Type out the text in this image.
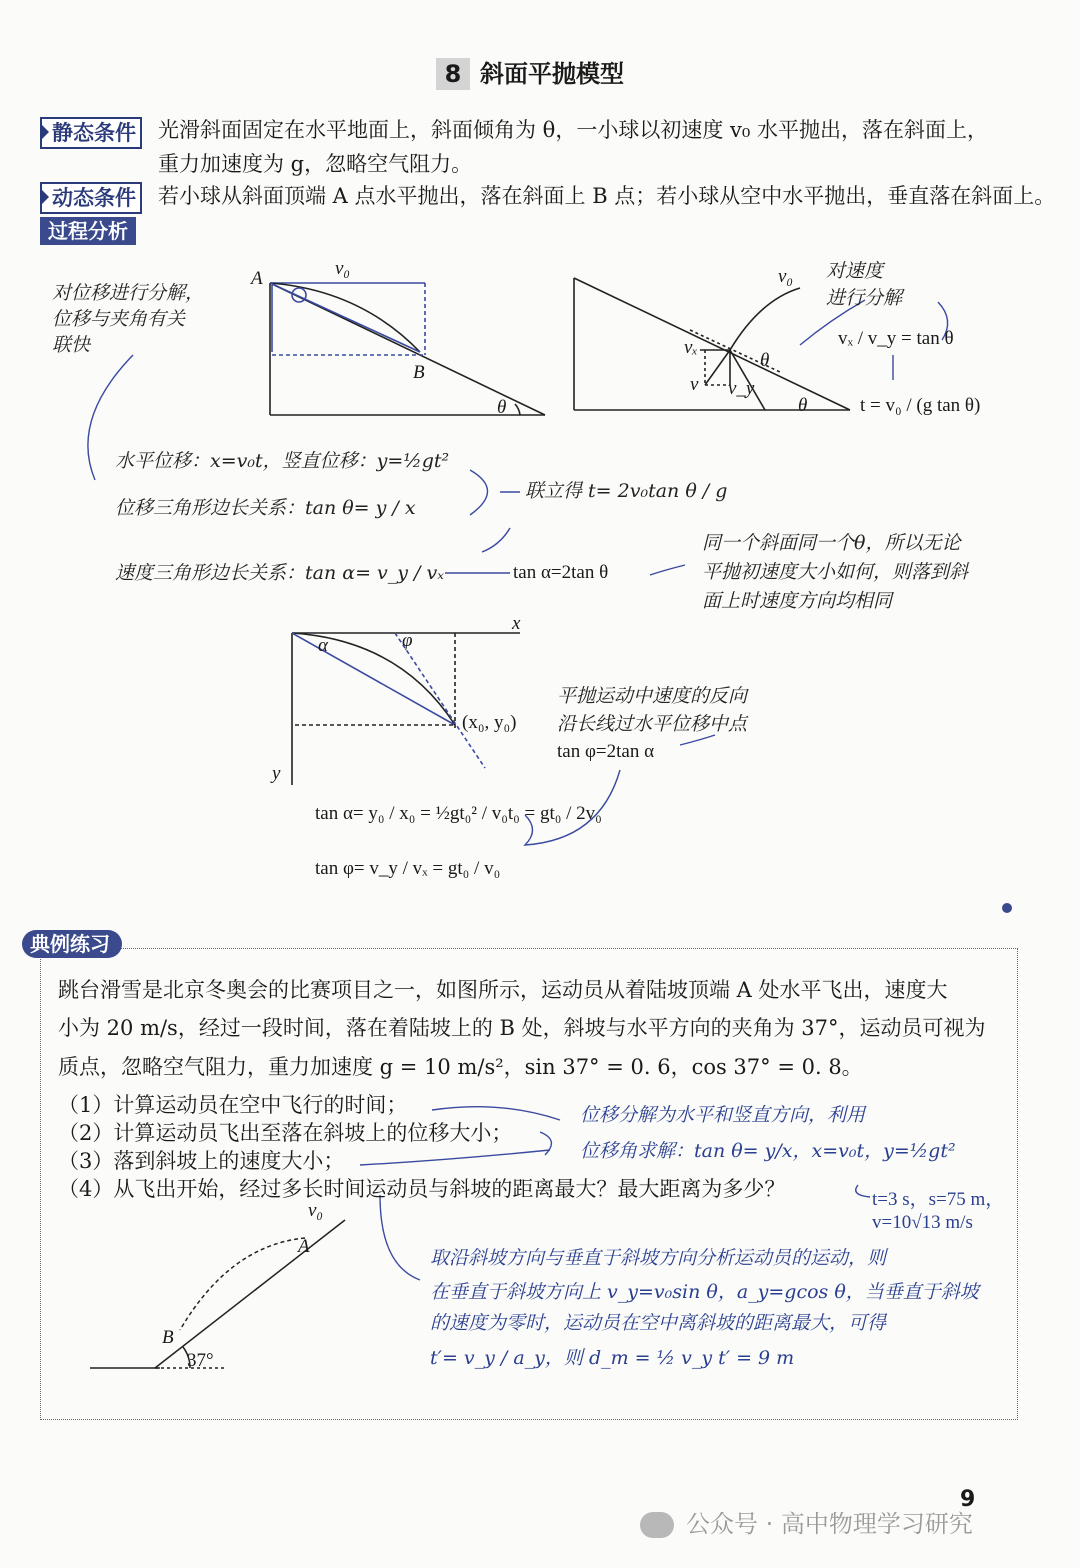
8 斜面平抛模型
静态条件 光滑斜面固定在水平地面上，斜面倾角为 θ，一小球以初速度 v₀ 水平抛出，落在斜面上，
重力加速度为 g，忽略空气阻力。
动态条件 若小球从斜面顶端 A 点水平抛出，落在斜面上 B 点；若小球从空中水平抛出，垂直落在斜面上。
过程分析
A
B
v₀
θ
v₀
vₓ
v v_y
θ
θ
对位移进行分解，
位移与夹角有关
联快
对速度
进行分解
vₓ / v_y = tan θ
t = v₀ / (g tan θ)
水平位移：x=v₀t，竖直位移：y=½gt²
位移三角形边长关系：tan θ= y / x
联立得 t= 2v₀tan θ / g
速度三角形边长关系：tan α= v_y / vₓ	tan α=2tan θ
同一个斜面同一个θ，所以无论
平抛初速度大小如何，则落到斜
面上时速度方向均相同
x
y
α	φ
(x₀, y₀)
平抛运动中速度的反向
沿长线过水平位移中点
tan φ=2tan α
tan α= y₀ / x₀ = ½gt₀² / v₀t₀ = gt₀ / 2v₀
tan φ= v_y / vₓ = gt₀ / v₀
典例练习
跳台滑雪是北京冬奥会的比赛项目之一，如图所示，运动员从着陆坡顶端 A 处水平飞出，速度大
小为 20 m/s，经过一段时间，落在着陆坡上的 B 处，斜坡与水平方向的夹角为 37°，运动员可视为
质点，忽略空气阻力，重力加速度 g = 10 m/s²，sin 37° = 0. 6，cos 37° = 0. 8。
（1）计算运动员在空中飞行的时间；
（2）计算运动员飞出至落在斜坡上的位移大小；
（3）落到斜坡上的速度大小；
（4）从飞出开始，经过多长时间运动员与斜坡的距离最大？最大距离为多少？
位移分解为水平和竖直方向，利用
位移角求解：tan θ= y/x，x=v₀t，y=½gt²
t=3 s，s=75 m，
v=10√13 m/s
取沿斜坡方向与垂直于斜坡方向分析运动员的运动，则
在垂直于斜坡方向上 v_y=v₀sin θ，a_y=gcos θ，当垂直于斜坡
的速度为零时，运动员在空中离斜坡的距离最大，可得
t′= v_y / a_y，则 d_m = ½ v_y t′ = 9 m
A
B
v₀
37°
9
公众号 · 高中物理学习研究
